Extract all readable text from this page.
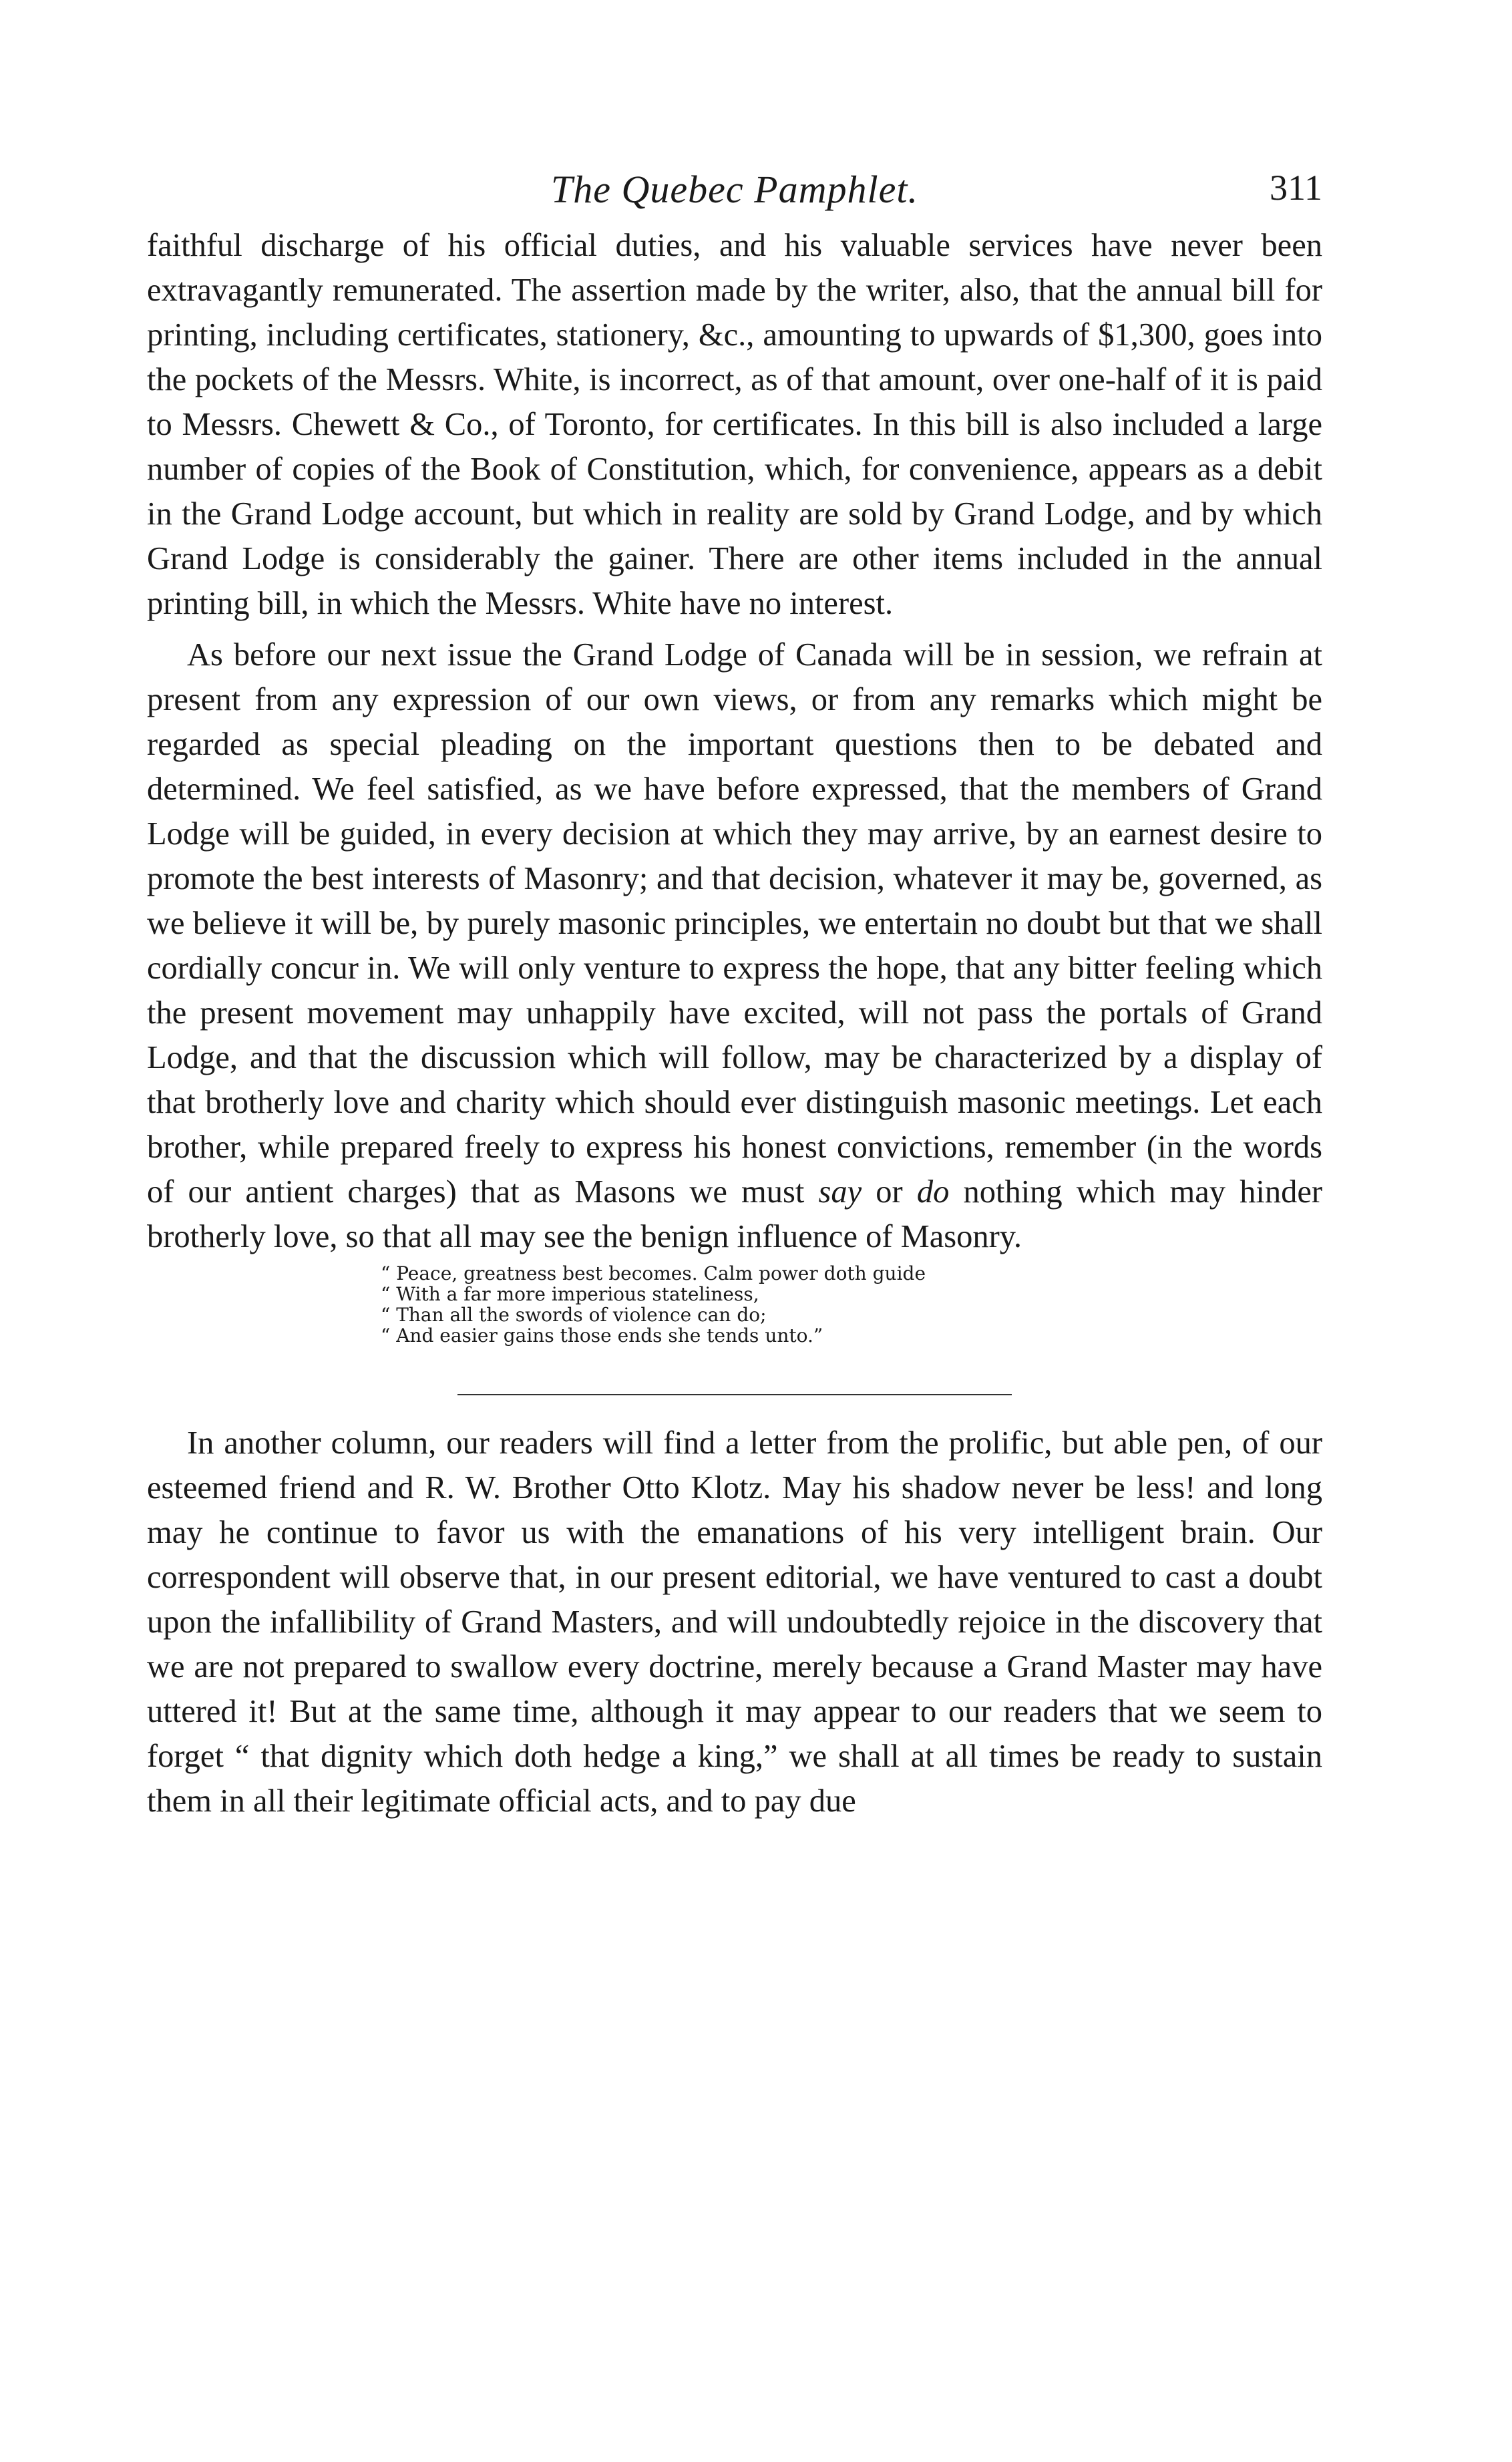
The Quebec Pamphlet.	311

faithful discharge of his official duties, and his valuable services have never been extravagantly remunerated. The assertion made by the writer, also, that the annual bill for printing, including certificates, stationery, &c., amounting to upwards of $1,300, goes into the pockets of the Messrs. White, is incorrect, as of that amount, over one-half of it is paid to Messrs. Chewett & Co., of Toronto, for certificates. In this bill is also included a large number of copies of the Book of Constitution, which, for convenience, appears as a debit in the Grand Lodge account, but which in reality are sold by Grand Lodge, and by which Grand Lodge is considerably the gainer. There are other items included in the annual printing bill, in which the Messrs. White have no interest.

As before our next issue the Grand Lodge of Canada will be in session, we refrain at present from any expression of our own views, or from any remarks which might be regarded as special pleading on the important questions then to be debated and determined. We feel satisfied, as we have before expressed, that the members of Grand Lodge will be guided, in every decision at which they may arrive, by an earnest desire to promote the best interests of Masonry; and that decision, whatever it may be, governed, as we believe it will be, by purely masonic principles, we entertain no doubt but that we shall cordially concur in. We will only venture to express the hope, that any bitter feeling which the present movement may unhappily have excited, will not pass the portals of Grand Lodge, and that the discussion which will follow, may be characterized by a display of that brotherly love and charity which should ever distinguish masonic meetings. Let each brother, while prepared freely to express his honest convictions, remember (in the words of our antient charges) that as Masons we must say or do nothing which may hinder brotherly love, so that all may see the benign influence of Masonry.

“ Peace, greatness best becomes. Calm power doth guide
“ With a far more imperious stateliness,
“ Than all the swords of violence can do;
“ And easier gains those ends she tends unto.”

In another column, our readers will find a letter from the prolific, but able pen, of our esteemed friend and R. W. Brother Otto Klotz. May his shadow never be less! and long may he continue to favor us with the emanations of his very intelligent brain. Our correspondent will observe that, in our present editorial, we have ventured to cast a doubt upon the infallibility of Grand Masters, and will undoubtedly rejoice in the discovery that we are not prepared to swallow every doctrine, merely because a Grand Master may have uttered it! But at the same time, although it may appear to our readers that we seem to forget “ that dignity which doth hedge a king,” we shall at all times be ready to sustain them in all their legitimate official acts, and to pay due
